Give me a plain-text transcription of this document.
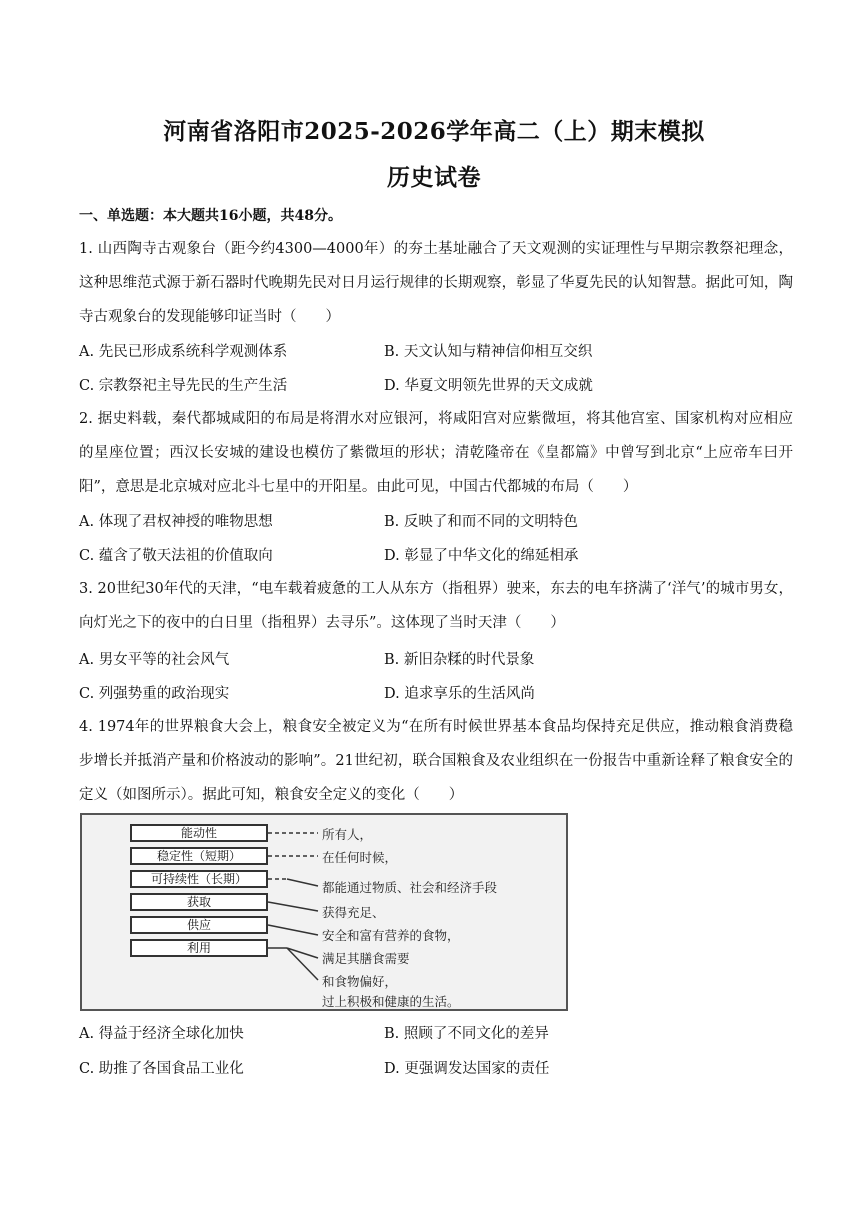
河南省洛阳市2025-2026学年高二（上）期末模拟
历史试卷
一、单选题：本大题共16小题，共48分。
1. 山西陶寺古观象台（距今约4300—4000年）的夯土基址融合了天文观测的实证理性与早期宗教祭祀理念，这种思维范式源于新石器时代晚期先民对日月运行规律的长期观察，彰显了华夏先民的认知智慧。据此可知，陶寺古观象台的发现能够印证当时（　　）
A. 先民已形成系统科学观测体系	B. 天文认知与精神信仰相互交织
C. 宗教祭祀主导先民的生产生活	D. 华夏文明领先世界的天文成就
2. 据史料载，秦代都城咸阳的布局是将渭水对应银河，将咸阳宫对应紫微垣，将其他宫室、国家机构对应相应的星座位置；西汉长安城的建设也模仿了紫微垣的形状；清乾隆帝在《皇都篇》中曾写到北京“上应帝车曰开阳”，意思是北京城对应北斗七星中的开阳星。由此可见，中国古代都城的布局（　　）
A. 体现了君权神授的唯物思想	B. 反映了和而不同的文明特色
C. 蕴含了敬天法祖的价值取向	D. 彰显了中华文化的绵延相承
3. 20世纪30年代的天津，“电车载着疲惫的工人从东方（指租界）驶来，东去的电车挤满了‘洋气’的城市男女，向灯光之下的夜中的白日里（指租界）去寻乐”。这体现了当时天津（　　）
A. 男女平等的社会风气	B. 新旧杂糅的时代景象
C. 列强势重的政治现实	D. 追求享乐的生活风尚
4. 1974年的世界粮食大会上，粮食安全被定义为“在所有时候世界基本食品均保持充足供应，推动粮食消费稳步增长并抵消产量和价格波动的影响”。21世纪初，联合国粮食及农业组织在一份报告中重新诠释了粮食安全的定义（如图所示）。据此可知，粮食安全定义的变化（　　）
能动性
稳定性（短期）
可持续性（长期）
获取
供应
利用
所有人，
在任何时候，
都能通过物质、社会和经济手段
获得充足、
安全和富有营养的食物，
满足其膳食需要
和食物偏好，
过上积极和健康的生活。
A. 得益于经济全球化加快	B. 照顾了不同文化的差异
C. 助推了各国食品工业化	D. 更强调发达国家的责任
